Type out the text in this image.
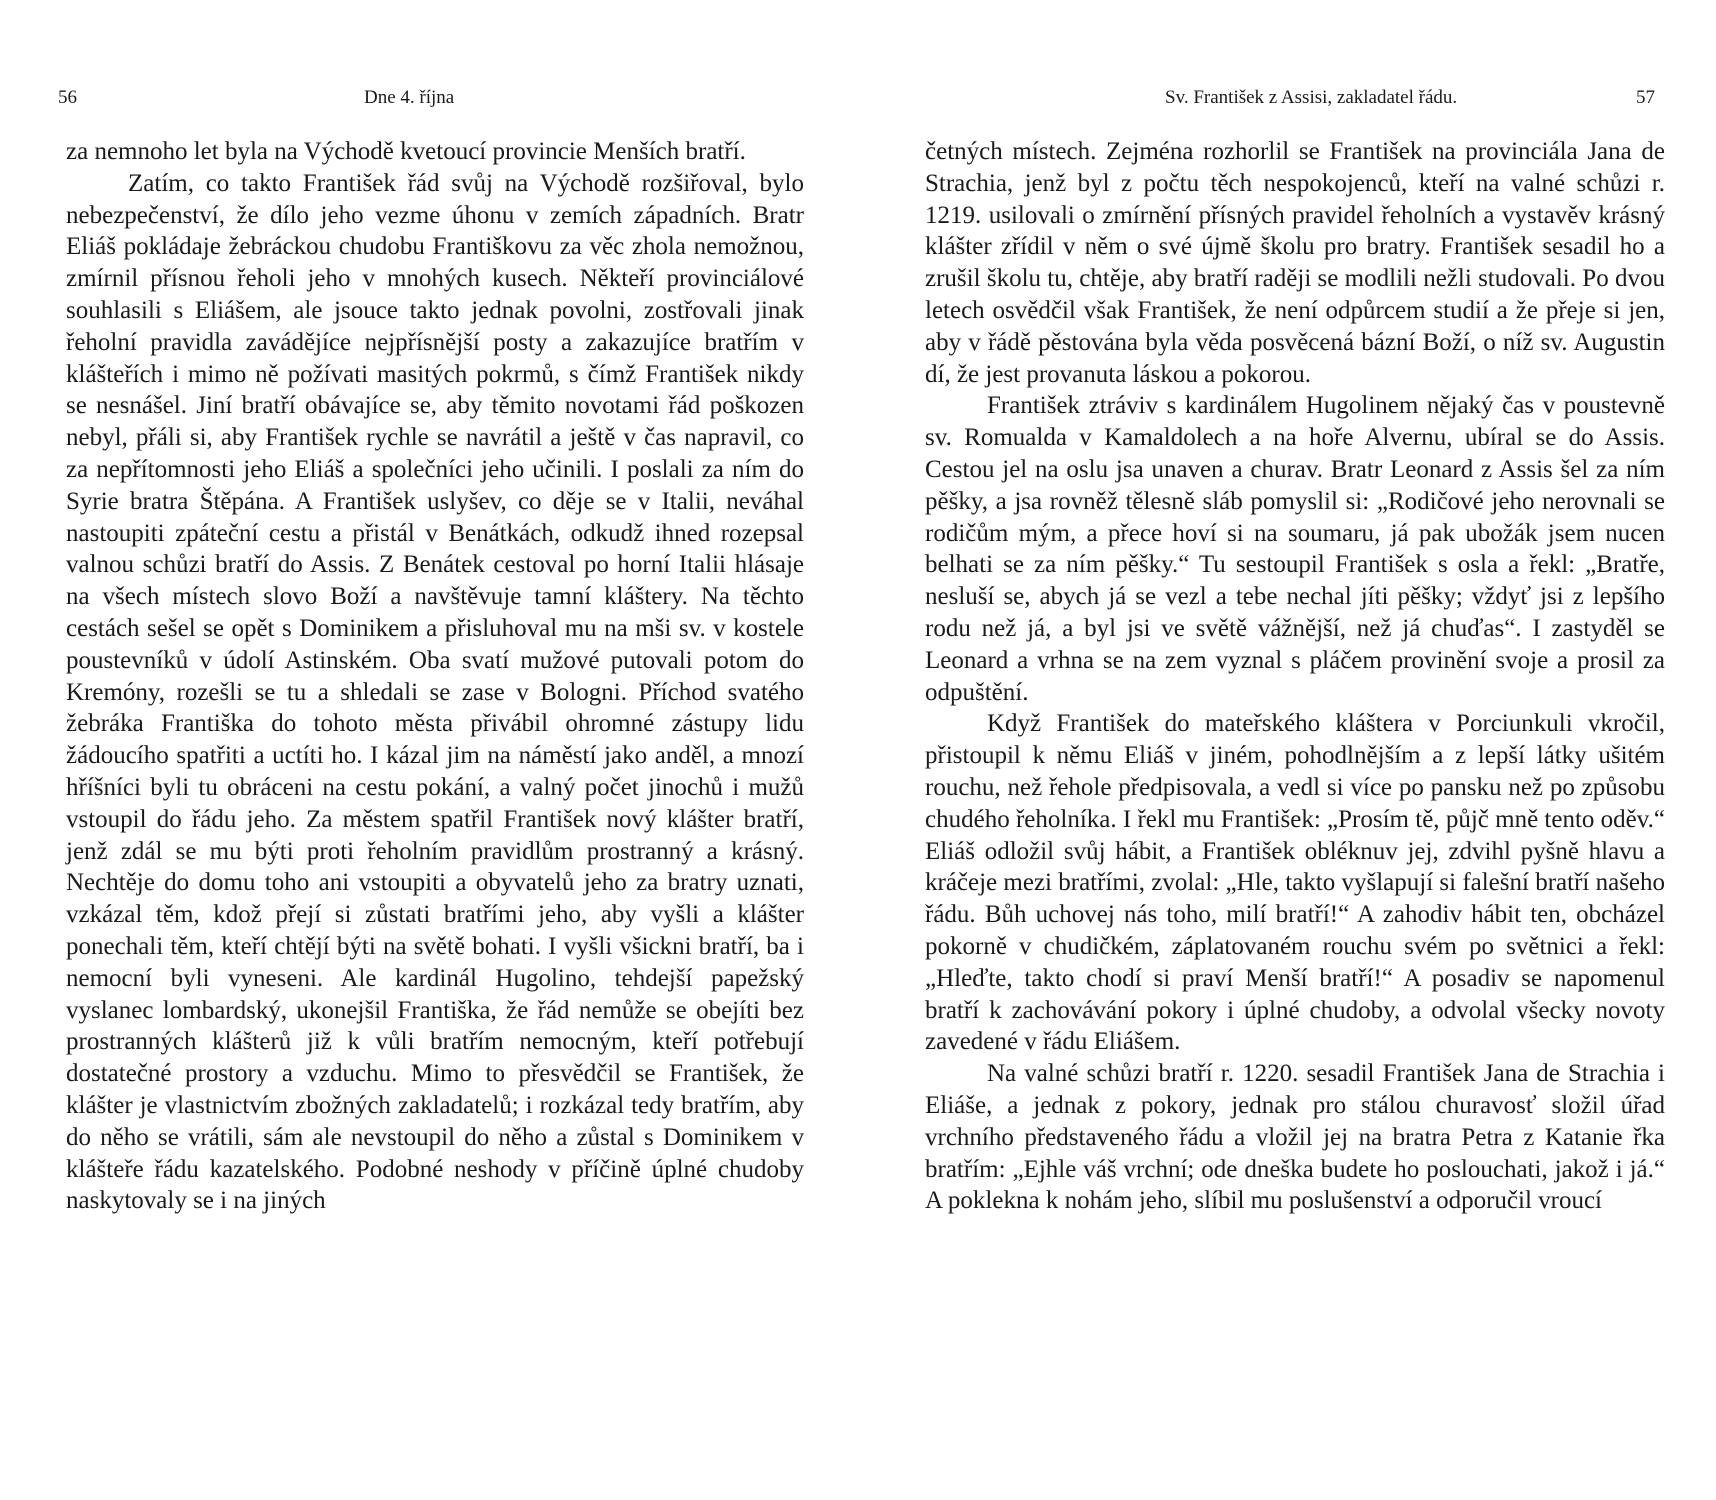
56	Dne 4. října

za nemnoho let byla na Východě kvetoucí provincie Menších bratří.

Zatím, co takto František řád svůj na Východě rozšiřoval, bylo nebezpečenství, že dílo jeho vezme úhonu v zemích západních. Bratr Eliáš pokládaje žebráckou chudobu Františkovu za věc zhola nemožnou, zmírnil přísnou řeholi jeho v mnohých kusech. Někteří provinciálové souhlasili s Eliášem, ale jsouce takto jednak povolni, zostřovali jinak řeholní pravidla zavádějíce nejpřísnější posty a zakazujíce bratřím v klášteřích i mimo ně požívati masitých pokrmů, s čímž František nikdy se nesnášel. Jiní bratří obávajíce se, aby těmito novotami řád poškozen nebyl, přáli si, aby František rychle se navrátil a ještě v čas napravil, co za nepřítomnosti jeho Eliáš a společníci jeho učinili. I poslali za ním do Syrie bratra Štěpána. A František uslyšev, co děje se v Italii, neváhal nastoupiti zpáteční cestu a přistál v Benátkách, odkudž ihned rozepsal valnou schůzi bratří do Assis. Z Benátek cestoval po horní Italii hlásaje na všech místech slovo Boží a navštěvuje tamní kláštery. Na těchto cestách sešel se opět s Dominikem a přisluhoval mu na mši sv. v kostele poustevníků v údolí Astinském. Oba svatí mužové putovali potom do Kremóny, rozešli se tu a shledali se zase v Bologni. Příchod svatého žebráka Františka do tohoto města přivábil ohromné zástupy lidu žádoucího spatřiti a uctíti ho. I kázal jim na náměstí jako anděl, a mnozí hříšníci byli tu obráceni na cestu pokání, a valný počet jinochů i mužů vstoupil do řádu jeho. Za městem spatřil František nový klášter bratří, jenž zdál se mu býti proti řeholním pravidlům prostranný a krásný. Nechtěje do domu toho ani vstoupiti a obyvatelů jeho za bratry uznati, vzkázal těm, kdož přejí si zůstati bratřími jeho, aby vyšli a klášter ponechali těm, kteří chtějí býti na světě bohati. I vyšli všickni bratří, ba i nemocní byli vyneseni. Ale kardinál Hugolino, tehdejší papežský vyslanec lombardský, ukonejšil Františka, že řád nemůže se obejíti bez prostranných klášterů již k vůli bratřím nemocným, kteří potřebují dostatečné prostory a vzduchu. Mimo to přesvědčil se František, že klášter je vlastnictvím zbožných zakladatelů; i rozkázal tedy bratřím, aby do něho se vrátili, sám ale nevstoupil do něho a zůstal s Dominikem v klášteře řádu kazatelského. Podobné neshody v příčině úplné chudoby naskytovaly se i na jiných

Sv. František z Assisi, zakladatel řádu.	57

četných místech. Zejména rozhorlil se František na provinciála Jana de Strachia, jenž byl z počtu těch nespokojenců, kteří na valné schůzi r. 1219. usilovali o zmírnění přísných pravidel řeholních a vystavěv krásný klášter zřídil v něm o své újmě školu pro bratry. František sesadil ho a zrušil školu tu, chtěje, aby bratří raději se modlili nežli studovali. Po dvou letech osvědčil však František, že není odpůrcem studií a že přeje si jen, aby v řádě pěstována byla věda posvěcená bázní Boží, o níž sv. Augustin dí, že jest provanuta láskou a pokorou.

František ztráviv s kardinálem Hugolinem nějaký čas v poustevně sv. Romualda v Kamaldolech a na hoře Alvernu, ubíral se do Assis. Cestou jel na oslu jsa unaven a churav. Bratr Leonard z Assis šel za ním pěšky, a jsa rovněž tělesně sláb pomyslil si: „Rodičové jeho nerovnali se rodičům mým, a přece hoví si na soumaru, já pak ubožák jsem nucen belhati se za ním pěšky.“ Tu sestoupil František s osla a řekl: „Bratře, nesluší se, abych já se vezl a tebe nechal jíti pěšky; vždyť jsi z lepšího rodu než já, a byl jsi ve světě vážnější, než já chuďas“. I zastyděl se Leonard a vrhna se na zem vyznal s pláčem provinění svoje a prosil za odpuštění.

Když František do mateřského kláštera v Porciunkuli vkročil, přistoupil k němu Eliáš v jiném, pohodlnějším a z lepší látky ušitém rouchu, než řehole předpisovala, a vedl si více po pansku než po způsobu chudého řeholníka. I řekl mu František: „Prosím tě, půjč mně tento oděv.“ Eliáš odložil svůj hábit, a František obléknuv jej, zdvihl pyšně hlavu a kráčeje mezi bratřími, zvolal: „Hle, takto vyšlapují si falešní bratří našeho řádu. Bůh uchovej nás toho, milí bratří!“ A zahodiv hábit ten, obcházel pokorně v chudičkém, záplatovaném rouchu svém po světnici a řekl: „Hleďte, takto chodí si praví Menší bratří!“ A posadiv se napomenul bratří k zachovávání pokory i úplné chudoby, a odvolal všecky novoty zavedené v řádu Eliášem.

Na valné schůzi bratří r. 1220. sesadil František Jana de Strachia i Eliáše, a jednak z pokory, jednak pro stálou churavosť složil úřad vrchního představeného řádu a vložil jej na bratra Petra z Katanie řka bratřím: „Ejhle váš vrchní; ode dneška budete ho poslouchati, jakož i já.“ A poklekna k nohám jeho, slíbil mu poslušenství a odporučil vroucí
